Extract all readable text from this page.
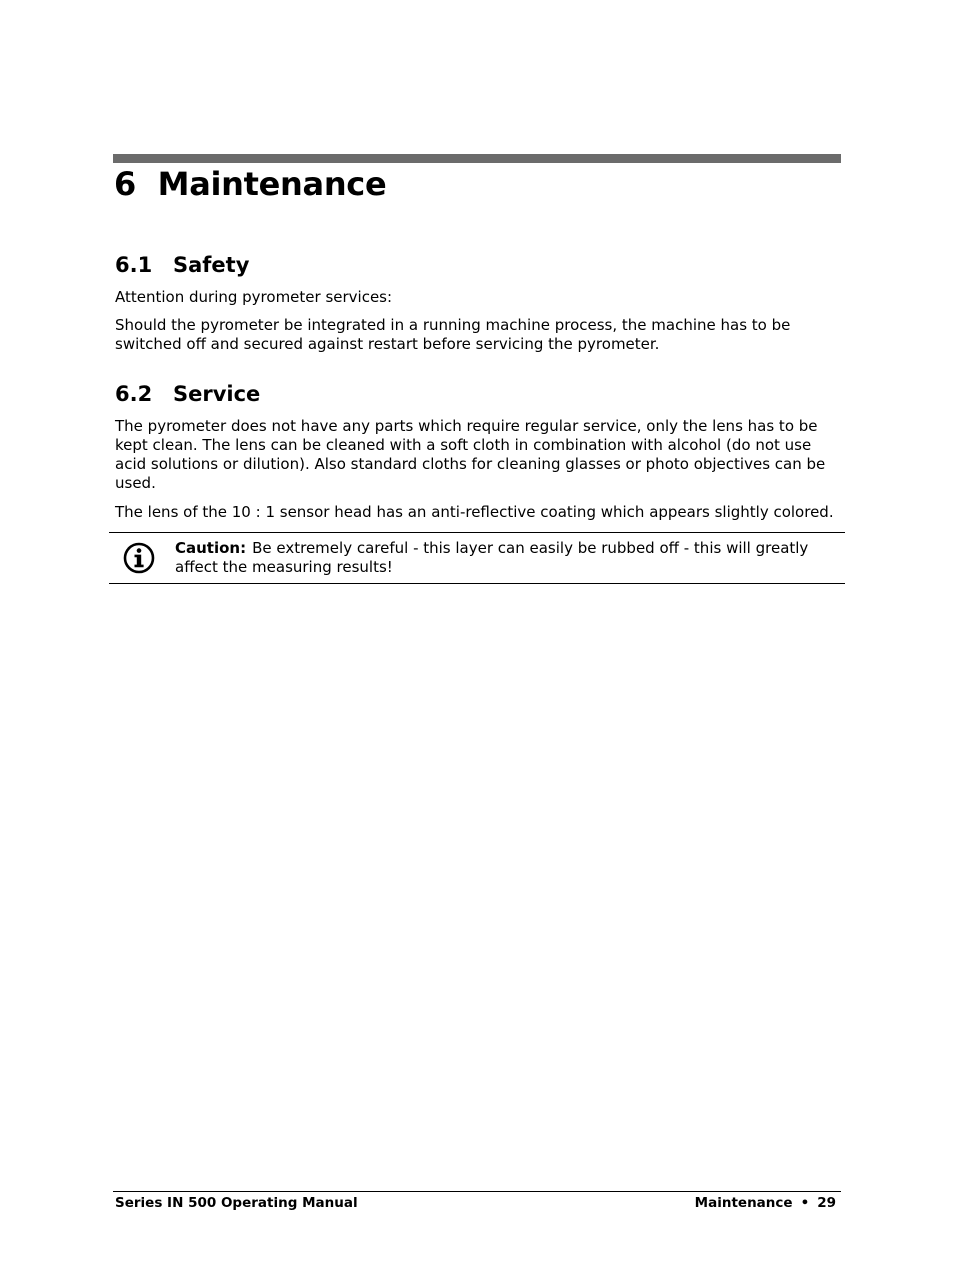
6 Maintenance
6.1 Safety

Attention during pyrometer services:

Should the pyrometer be integrated in a running machine process, the machine has to be switched off and secured against restart before servicing the pyrometer.

6.2 Service

The pyrometer does not have any parts which require regular service, only the lens has to be kept clean. The lens can be cleaned with a soft cloth in combination with alcohol (do not use acid solutions or dilution). Also standard cloths for cleaning glasses or photo objectives can be used.

The lens of the 10 : 1 sensor head has an anti-reflective coating which appears slightly colored.

Caution: Be extremely careful - this layer can easily be rubbed off - this will greatly affect the measuring results!

Series IN 500 Operating Manual	Maintenance • 29
